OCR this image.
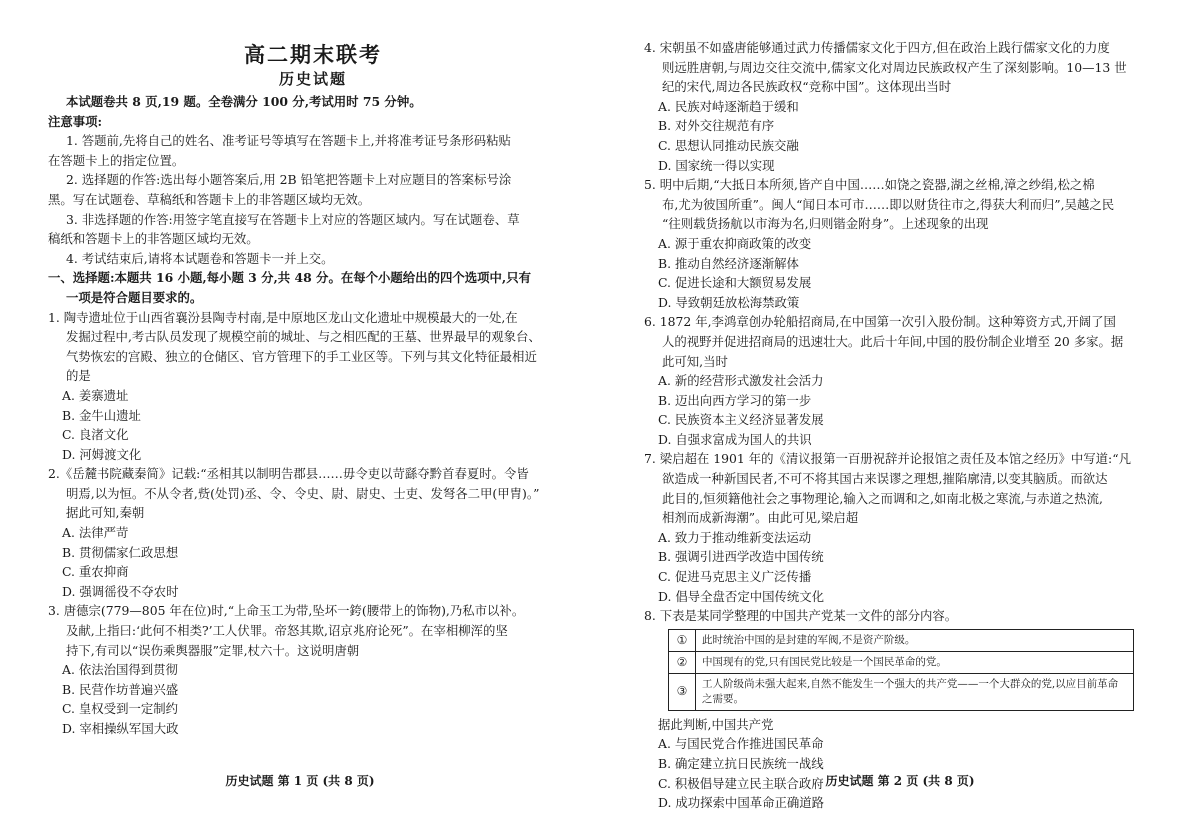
高二期末联考
历史试题
本试题卷共 8 页,19 题。全卷满分 100 分,考试用时 75 分钟。
注意事项:
1. 答题前,先将自己的姓名、准考证号等填写在答题卡上,并将准考证号条形码粘贴
在答题卡上的指定位置。
2. 选择题的作答:选出每小题答案后,用 2B 铅笔把答题卡上对应题目的答案标号涂
黑。写在试题卷、草稿纸和答题卡上的非答题区域均无效。
3. 非选择题的作答:用签字笔直接写在答题卡上对应的答题区域内。写在试题卷、草
稿纸和答题卡上的非答题区域均无效。
4. 考试结束后,请将本试题卷和答题卡一并上交。
一、选择题:本题共 16 小题,每小题 3 分,共 48 分。在每个小题给出的四个选项中,只有
一项是符合题目要求的。
1. 陶寺遗址位于山西省襄汾县陶寺村南,是中原地区龙山文化遗址中规模最大的一处,在
发掘过程中,考古队员发现了规模空前的城址、与之相匹配的王墓、世界最早的观象台、
气势恢宏的宫殿、独立的仓储区、官方管理下的手工业区等。下列与其文化特征最相近
的是
A. 姜寨遗址
B. 金牛山遗址
C. 良渚文化
D. 河姆渡文化
2.《岳麓书院藏秦简》记载:“丞相其以制明告郡县……毋令吏以苛繇夺黔首春夏时。令皆
明焉,以为恒。不从令者,赀(处罚)丞、令、令史、尉、尉史、士吏、发弩各二甲(甲胄)。”
据此可知,秦朝
A. 法律严苛
B. 贯彻儒家仁政思想
C. 重农抑商
D. 强调徭役不夺农时
3. 唐德宗(779—805 年在位)时,“上命玉工为带,坠坏一銙(腰带上的饰物),乃私市以补。
及献,上指曰:‘此何不相类?’工人伏罪。帝怒其欺,诏京兆府论死”。在宰相柳浑的坚
持下,有司以“误伤乘舆器服”定罪,杖六十。这说明唐朝
A. 依法治国得到贯彻
B. 民营作坊普遍兴盛
C. 皇权受到一定制约
D. 宰相操纵军国大政
历史试题 第 1 页 (共 8 页)
4. 宋朝虽不如盛唐能够通过武力传播儒家文化于四方,但在政治上践行儒家文化的力度
则远胜唐朝,与周边交往交流中,儒家文化对周边民族政权产生了深刻影响。10—13 世
纪的宋代,周边各民族政权“竞称中国”。这体现出当时
A. 民族对峙逐渐趋于缓和
B. 对外交往规范有序
C. 思想认同推动民族交融
D. 国家统一得以实现
5. 明中后期,“大抵日本所须,皆产自中国……如饶之瓷器,湖之丝棉,漳之纱绢,松之棉
布,尤为彼国所重”。闽人“闻日本可市……即以财货往市之,得获大利而归”,吴越之民
“往则载货扬航以市海为名,归则锴金附身”。上述现象的出现
A. 源于重农抑商政策的改变
B. 推动自然经济逐渐解体
C. 促进长途和大额贸易发展
D. 导致朝廷放松海禁政策
6. 1872 年,李鸿章创办轮船招商局,在中国第一次引入股份制。这种筹资方式,开阔了国
人的视野并促进招商局的迅速壮大。此后十年间,中国的股份制企业增至 20 多家。据
此可知,当时
A. 新的经营形式激发社会活力
B. 迈出向西方学习的第一步
C. 民族资本主义经济显著发展
D. 自强求富成为国人的共识
7. 梁启超在 1901 年的《清议报第一百册祝辞并论报馆之责任及本馆之经历》中写道:“凡
欲造成一种新国民者,不可不将其国古来误谬之理想,摧陷廓清,以变其脑质。而欲达
此目的,恒须籍他社会之事物理论,输入之而调和之,如南北极之寒流,与赤道之热流,
相剂而成新海潮”。由此可见,梁启超
A. 致力于推动维新变法运动
B. 强调引进西学改造中国传统
C. 促进马克思主义广泛传播
D. 倡导全盘否定中国传统文化
8. 下表是某同学整理的中国共产党某一文件的部分内容。
①	此时统治中国的是封建的军阀,不是资产阶级。
②	中国现有的党,只有国民党比较是一个国民革命的党。
③	工人阶级尚未强大起来,自然不能发生一个强大的共产党——一个大群众的党,以应目前革命之需要。
据此判断,中国共产党
A. 与国民党合作推进国民革命
B. 确定建立抗日民族统一战线
C. 积极倡导建立民主联合政府
D. 成功探索中国革命正确道路
历史试题 第 2 页 (共 8 页)
